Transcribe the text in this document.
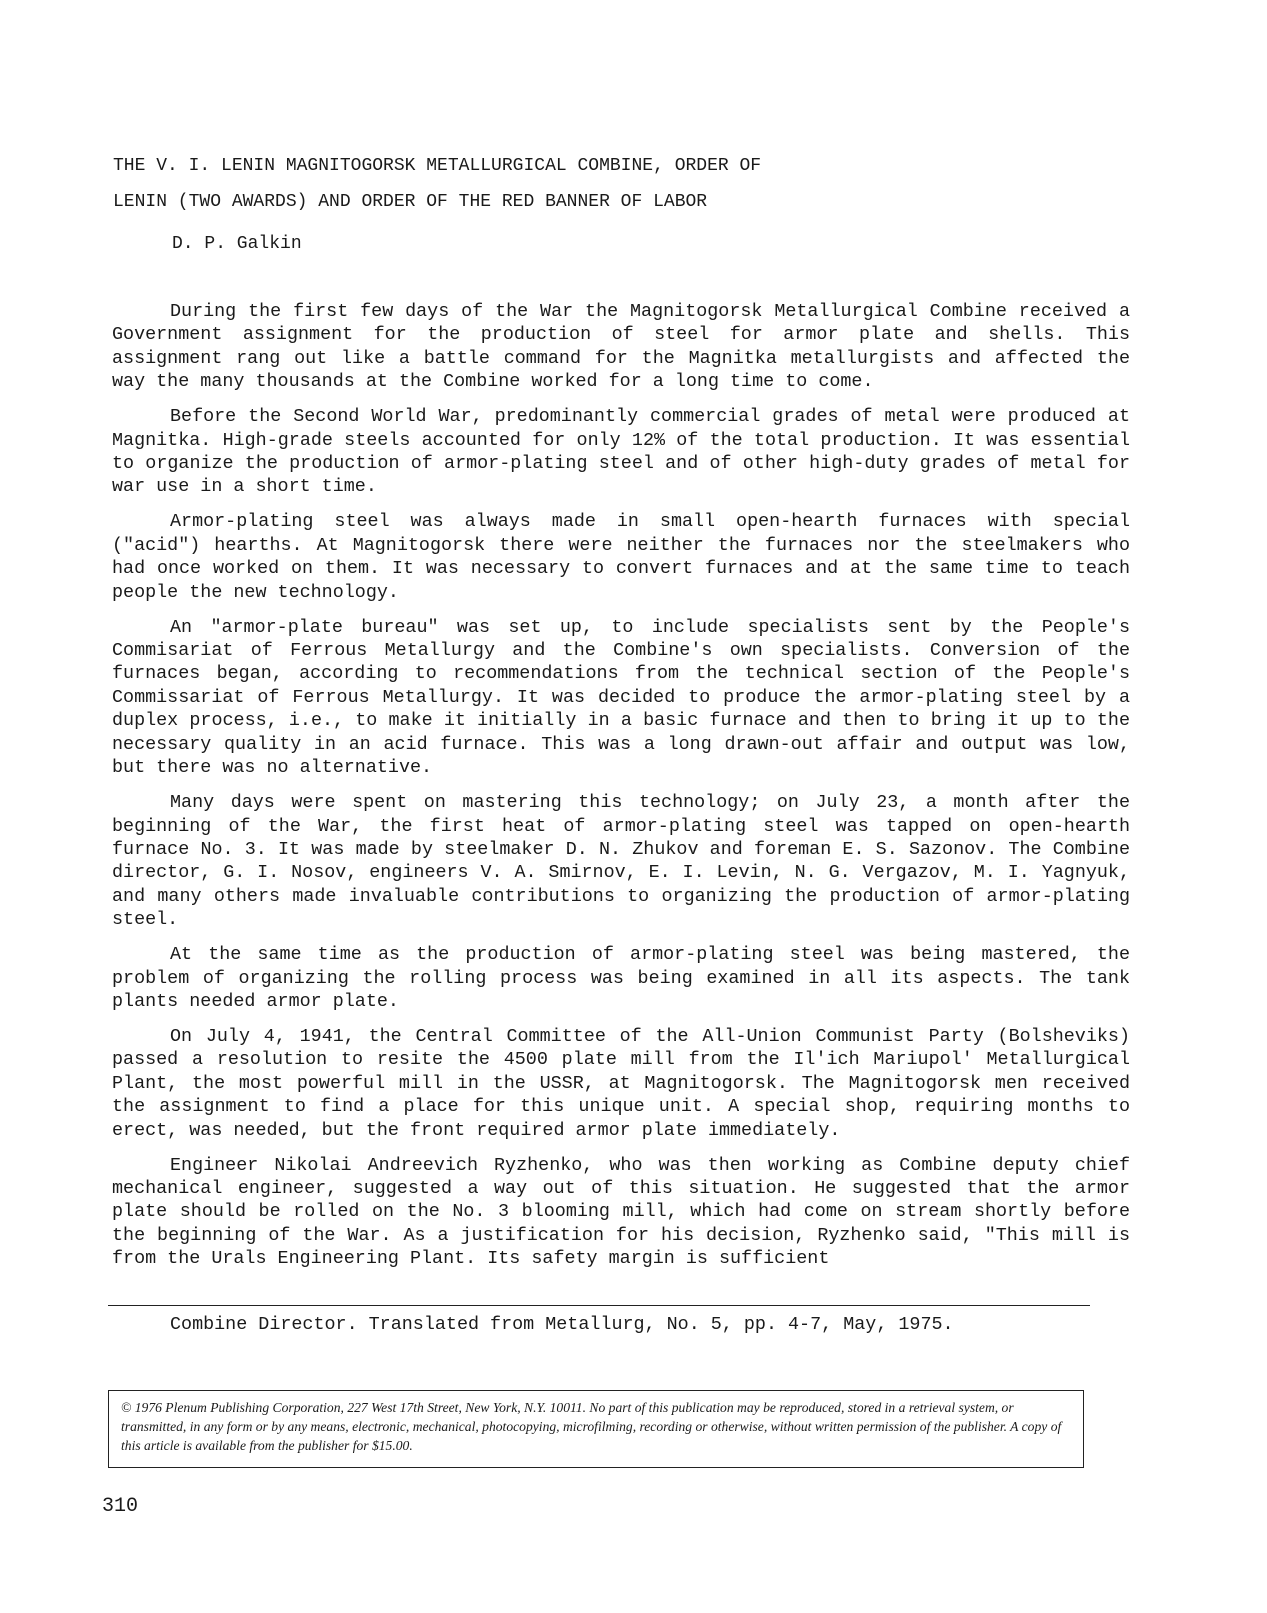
THE V. I. LENIN MAGNITOGORSK METALLURGICAL COMBINE, ORDER OF
LENIN (TWO AWARDS) AND ORDER OF THE RED BANNER OF LABOR
D. P. Galkin

During the first few days of the War the Magnitogorsk Metallurgical Combine received a Government assignment for the production of steel for armor plate and shells. This assignment rang out like a battle command for the Magnitka metallurgists and affected the way the many thousands at the Combine worked for a long time to come.

Before the Second World War, predominantly commercial grades of metal were produced at Magnitka. High-grade steels accounted for only 12% of the total production. It was essential to organize the production of armor-plating steel and of other high-duty grades of metal for war use in a short time.

Armor-plating steel was always made in small open-hearth furnaces with special ("acid") hearths. At Magnitogorsk there were neither the furnaces nor the steelmakers who had once worked on them. It was necessary to convert furnaces and at the same time to teach people the new technology.

An "armor-plate bureau" was set up, to include specialists sent by the People's Commisariat of Ferrous Metallurgy and the Combine's own specialists. Conversion of the furnaces began, according to recommendations from the technical section of the People's Commissariat of Ferrous Metallurgy. It was decided to produce the armor-plating steel by a duplex process, i.e., to make it initially in a basic furnace and then to bring it up to the necessary quality in an acid furnace. This was a long drawn-out affair and output was low, but there was no alternative.

Many days were spent on mastering this technology; on July 23, a month after the beginning of the War, the first heat of armor-plating steel was tapped on open-hearth furnace No. 3. It was made by steelmaker D. N. Zhukov and foreman E. S. Sazonov. The Combine director, G. I. Nosov, engineers V. A. Smirnov, E. I. Levin, N. G. Vergazov, M. I. Yagnyuk, and many others made invaluable contributions to organizing the production of armor-plating steel.

At the same time as the production of armor-plating steel was being mastered, the problem of organizing the rolling process was being examined in all its aspects. The tank plants needed armor plate.

On July 4, 1941, the Central Committee of the All-Union Communist Party (Bolsheviks) passed a resolution to resite the 4500 plate mill from the Il'ich Mariupol' Metallurgical Plant, the most powerful mill in the USSR, at Magnitogorsk. The Magnitogorsk men received the assignment to find a place for this unique unit. A special shop, requiring months to erect, was needed, but the front required armor plate immediately.

Engineer Nikolai Andreevich Ryzhenko, who was then working as Combine deputy chief mechanical engineer, suggested a way out of this situation. He suggested that the armor plate should be rolled on the No. 3 blooming mill, which had come on stream shortly before the beginning of the War. As a justification for his decision, Ryzhenko said, "This mill is from the Urals Engineering Plant. Its safety margin is sufficient

Combine Director. Translated from Metallurg, No. 5, pp. 4-7, May, 1975.
© 1976 Plenum Publishing Corporation, 227 West 17th Street, New York, N.Y. 10011. No part of this publication may be reproduced, stored in a retrieval system, or transmitted, in any form or by any means, electronic, mechanical, photocopying, microfilming, recording or otherwise, without written permission of the publisher. A copy of this article is available from the publisher for $15.00.
310
